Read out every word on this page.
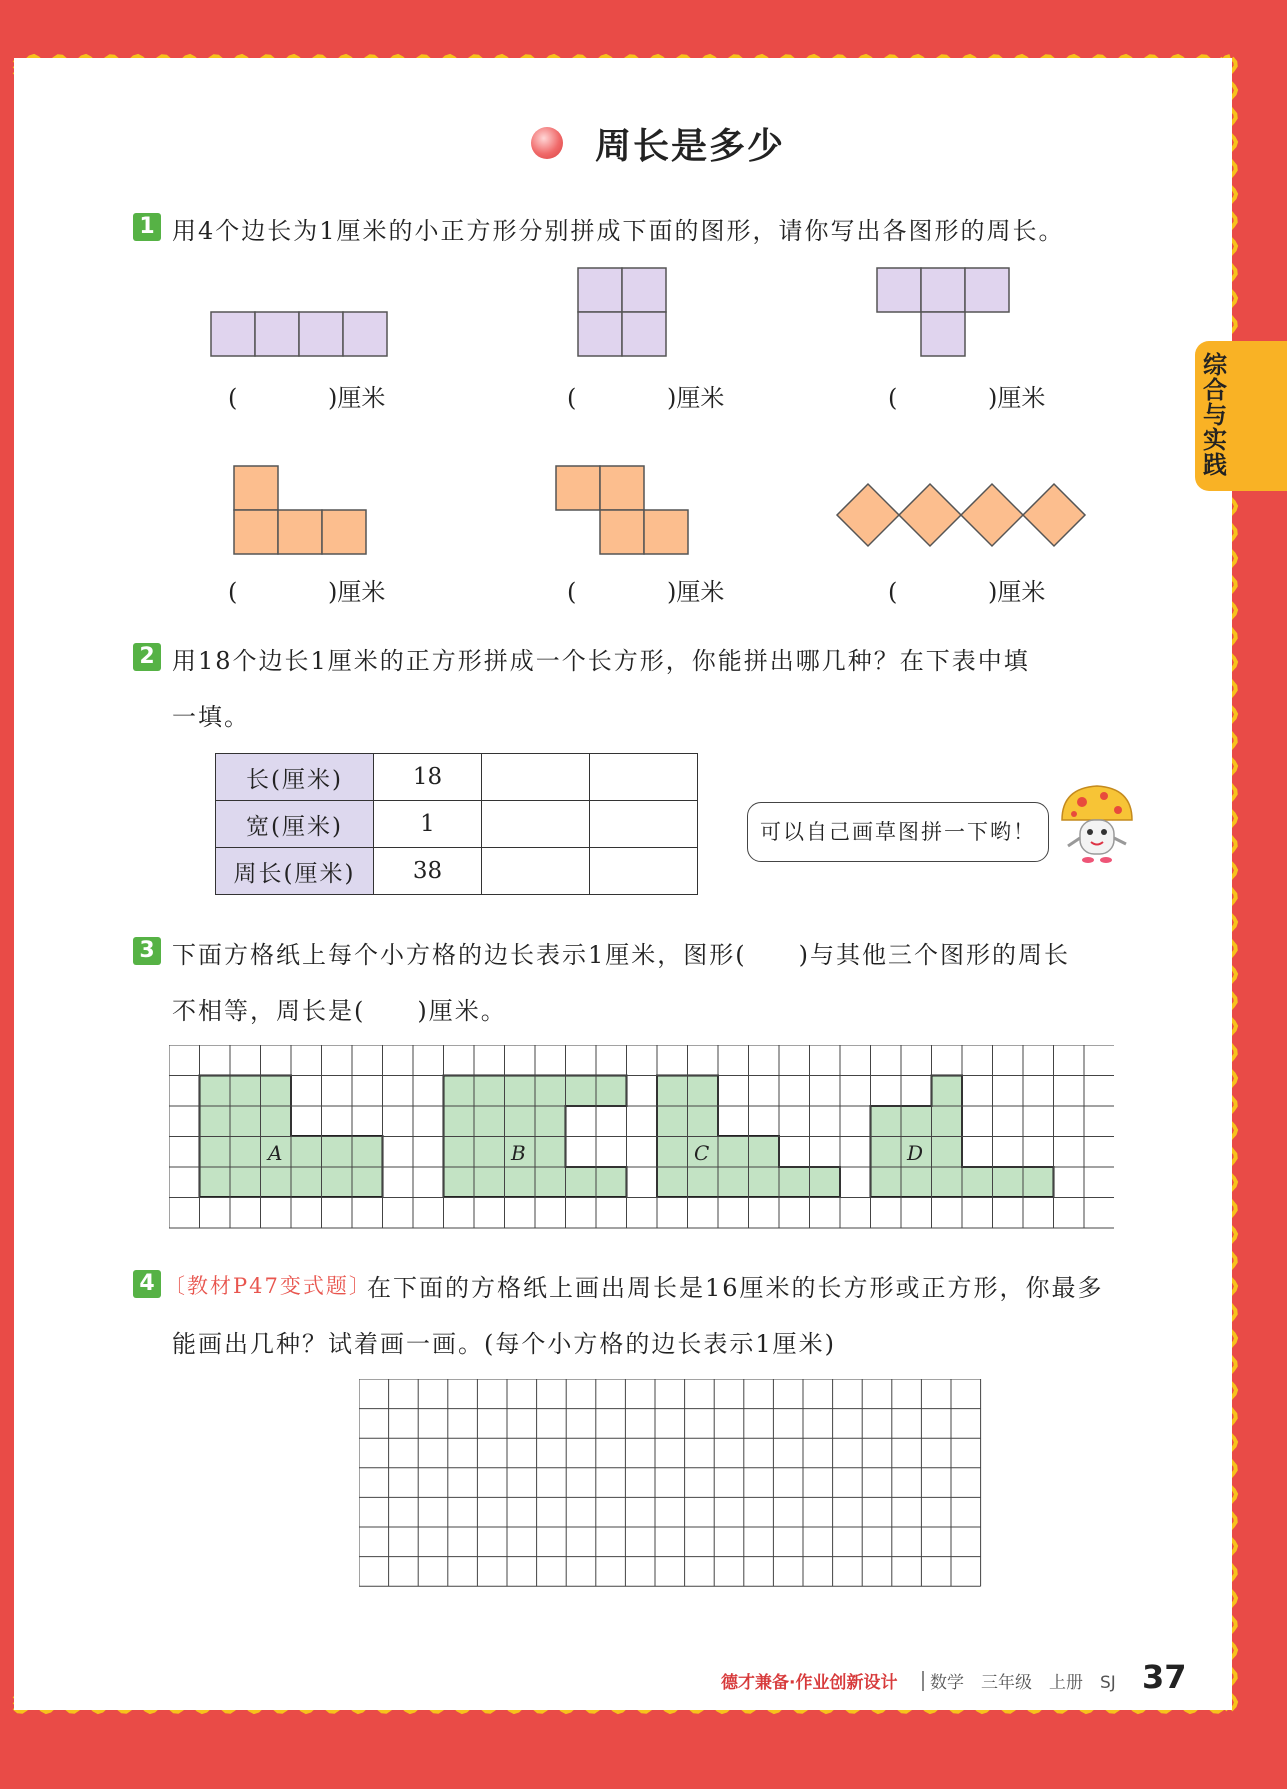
综合与实践
周长是多少
1 用4个边长为1厘米的小正方形分别拼成下面的图形，请你写出各图形的周长。
(	)厘米	(	)厘米	(	)厘米
(	)厘米	(	)厘米	(	)厘米
2 用18个边长1厘米的正方形拼成一个长方形，你能拼出哪几种？在下表中填
一填。
长(厘米)	18		
宽(厘米)	1		
周长(厘米)	38		
可以自己画草图拼一下哟！
3 下面方格纸上每个小方格的边长表示1厘米，图形(　　)与其他三个图形的周长
不相等，周长是(　　)厘米。
A	B	C	D
4 〔教材P47变式题〕
在下面的方格纸上画出周长是16厘米的长方形或正方形，你最多
能画出几种？试着画一画。(每个小方格的边长表示1厘米)
德才兼备·作业创新设计 数学　三年级　上册　SJ 37
